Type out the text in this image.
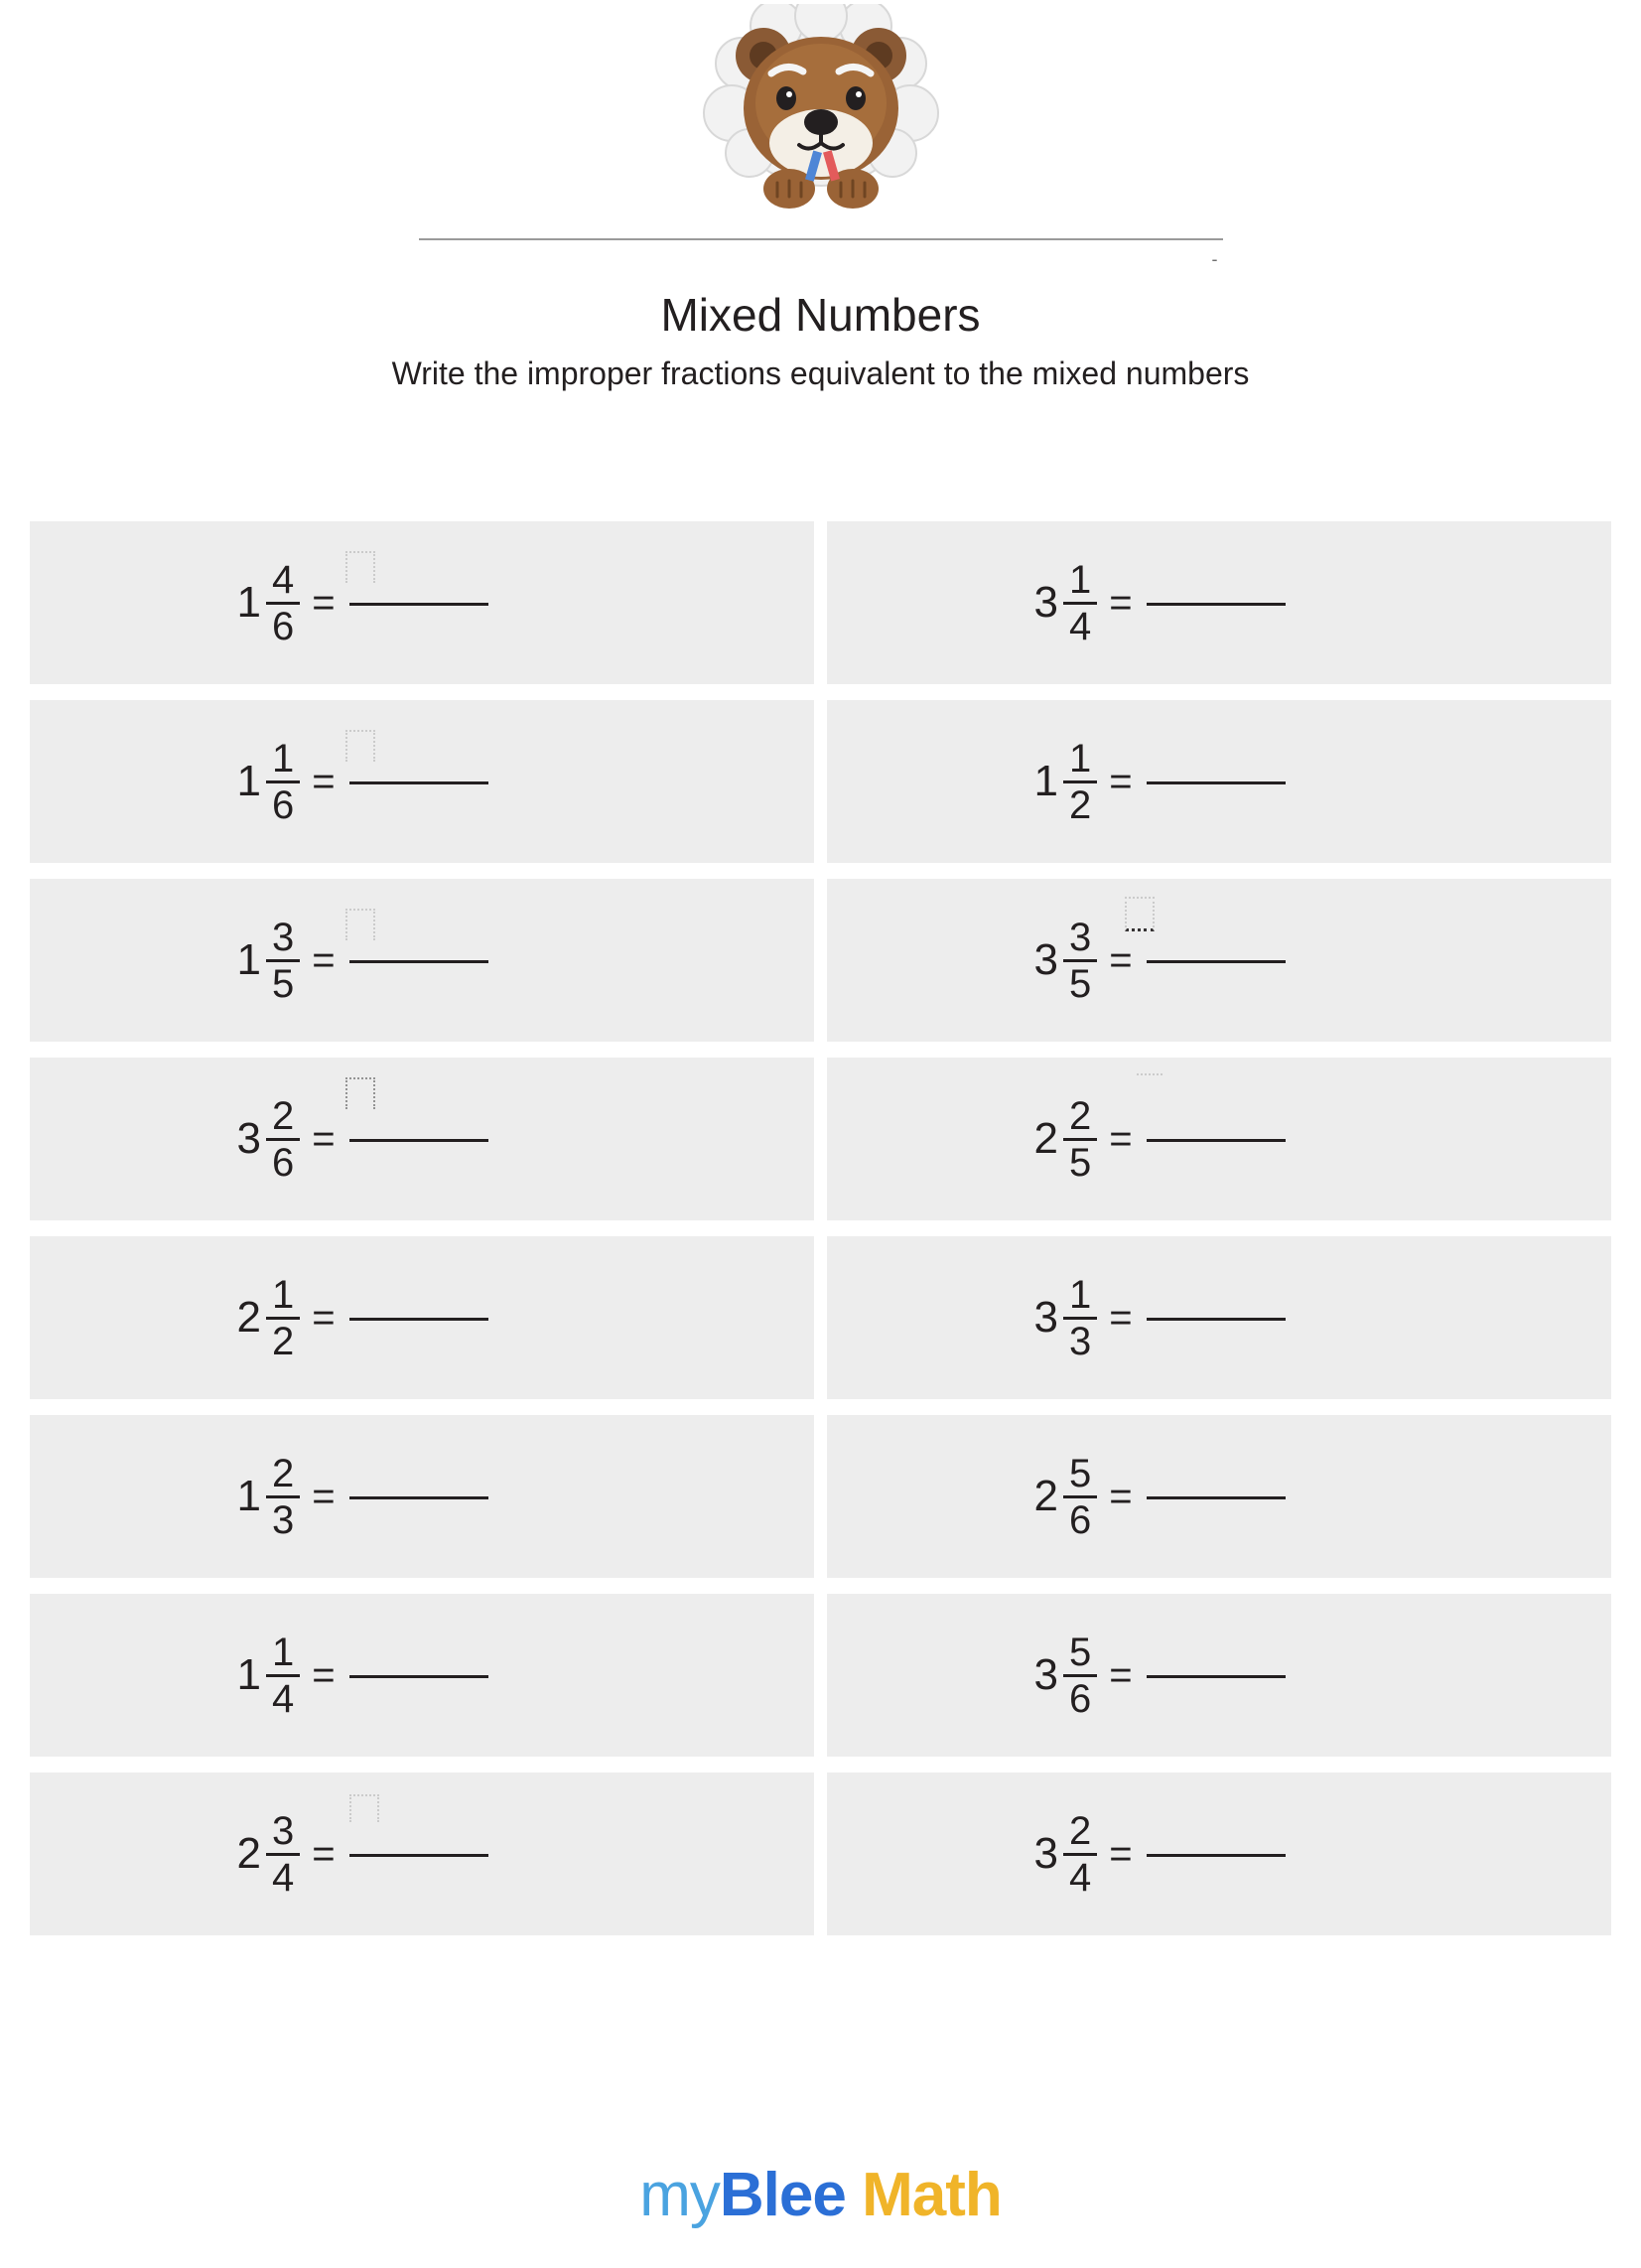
-
Mixed Numbers
Write the improper fractions equivalent to the mixed numbers
$1 \frac{4}{6}$ =	$3 \frac{1}{4}$ =
$1 \frac{1}{6}$ =	$1 \frac{1}{2}$ =
$1 \frac{3}{5}$ =	$3 \frac{3}{5}$ =
$3 \frac{2}{6}$ =	$2 \frac{2}{5}$ =
$2 \frac{1}{2}$ =	$3 \frac{1}{3}$ =
$1 \frac{2}{3}$ =	$2 \frac{5}{6}$ =
$1 \frac{1}{4}$ =	$3 \frac{5}{6}$ =
$2 \frac{3}{4}$ =	$3 \frac{2}{4}$ =
myBlee Math
